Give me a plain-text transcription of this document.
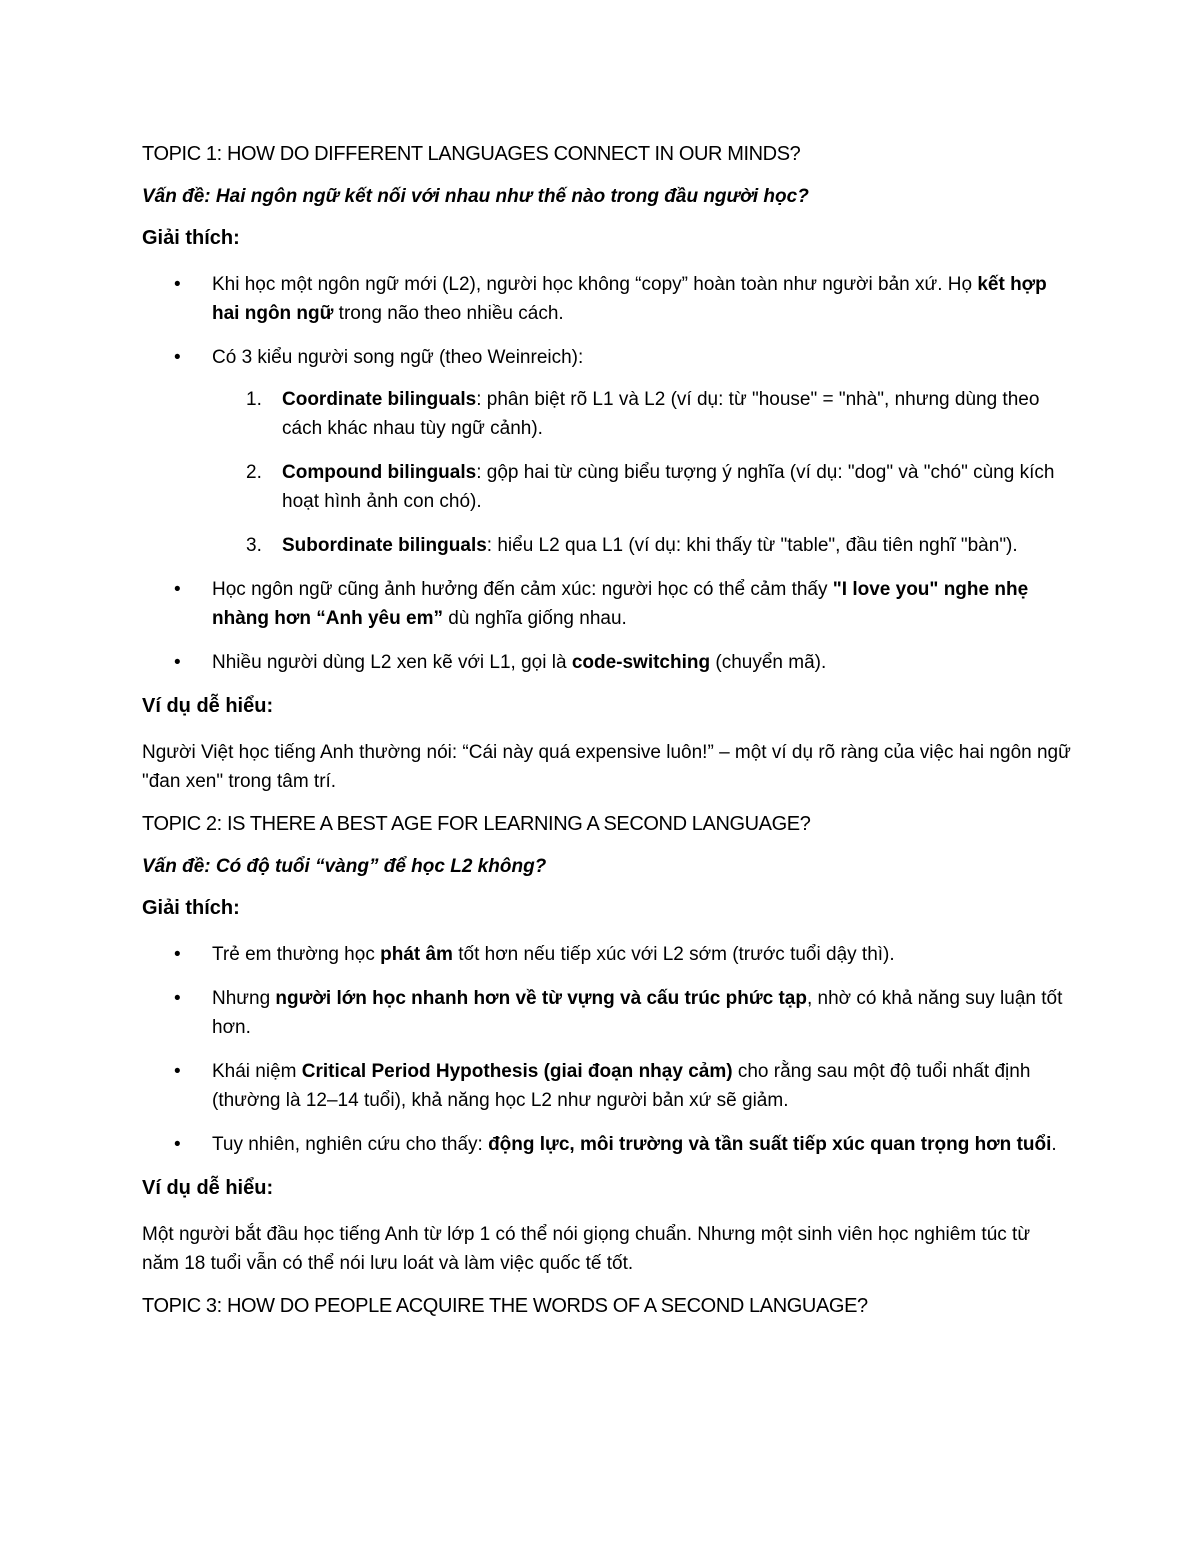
TOPIC 1: HOW DO DIFFERENT LANGUAGES CONNECT IN OUR MINDS?
Vấn đề: Hai ngôn ngữ kết nối với nhau như thế nào trong đầu người học?
Giải thích:
• Khi học một ngôn ngữ mới (L2), người học không “copy” hoàn toàn như người bản xứ. Họ kết hợp hai ngôn ngữ trong não theo nhiều cách.
• Có 3 kiểu người song ngữ (theo Weinreich):
1. Coordinate bilinguals: phân biệt rõ L1 và L2 (ví dụ: từ "house" = "nhà", nhưng dùng theo cách khác nhau tùy ngữ cảnh).
2. Compound bilinguals: gộp hai từ cùng biểu tượng ý nghĩa (ví dụ: "dog" và "chó" cùng kích hoạt hình ảnh con chó).
3. Subordinate bilinguals: hiểu L2 qua L1 (ví dụ: khi thấy từ "table", đầu tiên nghĩ "bàn").
• Học ngôn ngữ cũng ảnh hưởng đến cảm xúc: người học có thể cảm thấy "I love you" nghe nhẹ nhàng hơn “Anh yêu em” dù nghĩa giống nhau.
• Nhiều người dùng L2 xen kẽ với L1, gọi là code-switching (chuyển mã).
Ví dụ dễ hiểu:
Người Việt học tiếng Anh thường nói: “Cái này quá expensive luôn!” – một ví dụ rõ ràng của việc hai ngôn ngữ "đan xen" trong tâm trí.
TOPIC 2: IS THERE A BEST AGE FOR LEARNING A SECOND LANGUAGE?
Vấn đề: Có độ tuổi “vàng” để học L2 không?
Giải thích:
• Trẻ em thường học phát âm tốt hơn nếu tiếp xúc với L2 sớm (trước tuổi dậy thì).
• Nhưng người lớn học nhanh hơn về từ vựng và cấu trúc phức tạp, nhờ có khả năng suy luận tốt hơn.
• Khái niệm Critical Period Hypothesis (giai đoạn nhạy cảm) cho rằng sau một độ tuổi nhất định (thường là 12–14 tuổi), khả năng học L2 như người bản xứ sẽ giảm.
• Tuy nhiên, nghiên cứu cho thấy: động lực, môi trường và tần suất tiếp xúc quan trọng hơn tuổi.
Ví dụ dễ hiểu:
Một người bắt đầu học tiếng Anh từ lớp 1 có thể nói giọng chuẩn. Nhưng một sinh viên học nghiêm túc từ năm 18 tuổi vẫn có thể nói lưu loát và làm việc quốc tế tốt.
TOPIC 3: HOW DO PEOPLE ACQUIRE THE WORDS OF A SECOND LANGUAGE?
